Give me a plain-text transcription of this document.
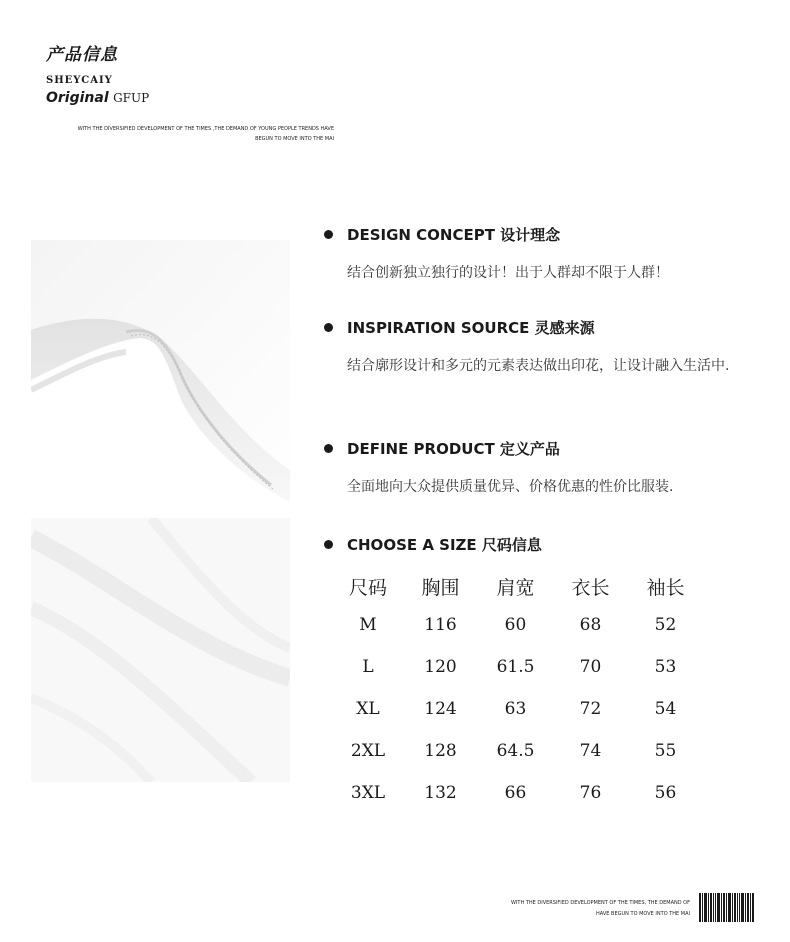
产品信息
SHEYCAIY
Original GFUP
WITH THE DIVERSIFIED DEVELOPMENT OF THE TIMES ,THE DEMAND OF YOUNG PEOPLE TRENDS HAVE
BEGUN TO MOVE INTO THE MAI
DESIGN CONCEPT 设计理念
结合创新独立独行的设计！出于人群却不限于人群！
INSPIRATION SOURCE 灵感来源
结合廓形设计和多元的元素表达做出印花，让设计融入生活中.
DEFINE PRODUCT 定义产品
全面地向大众提供质量优异、价格优惠的性价比服装.
CHOOSE A SIZE 尺码信息
尺码	胸围	肩宽	衣长	袖长
M	116	60	68	52
L	120	61.5	70	53
XL	124	63	72	54
2XL	128	64.5	74	55
3XL	132	66	76	56
WITH THE DIVERSIFIED DEVELOPMENT OF THE TIMES, THE DEMAND OF
HAVE BEGUN TO MOVE INTO THE MAI
